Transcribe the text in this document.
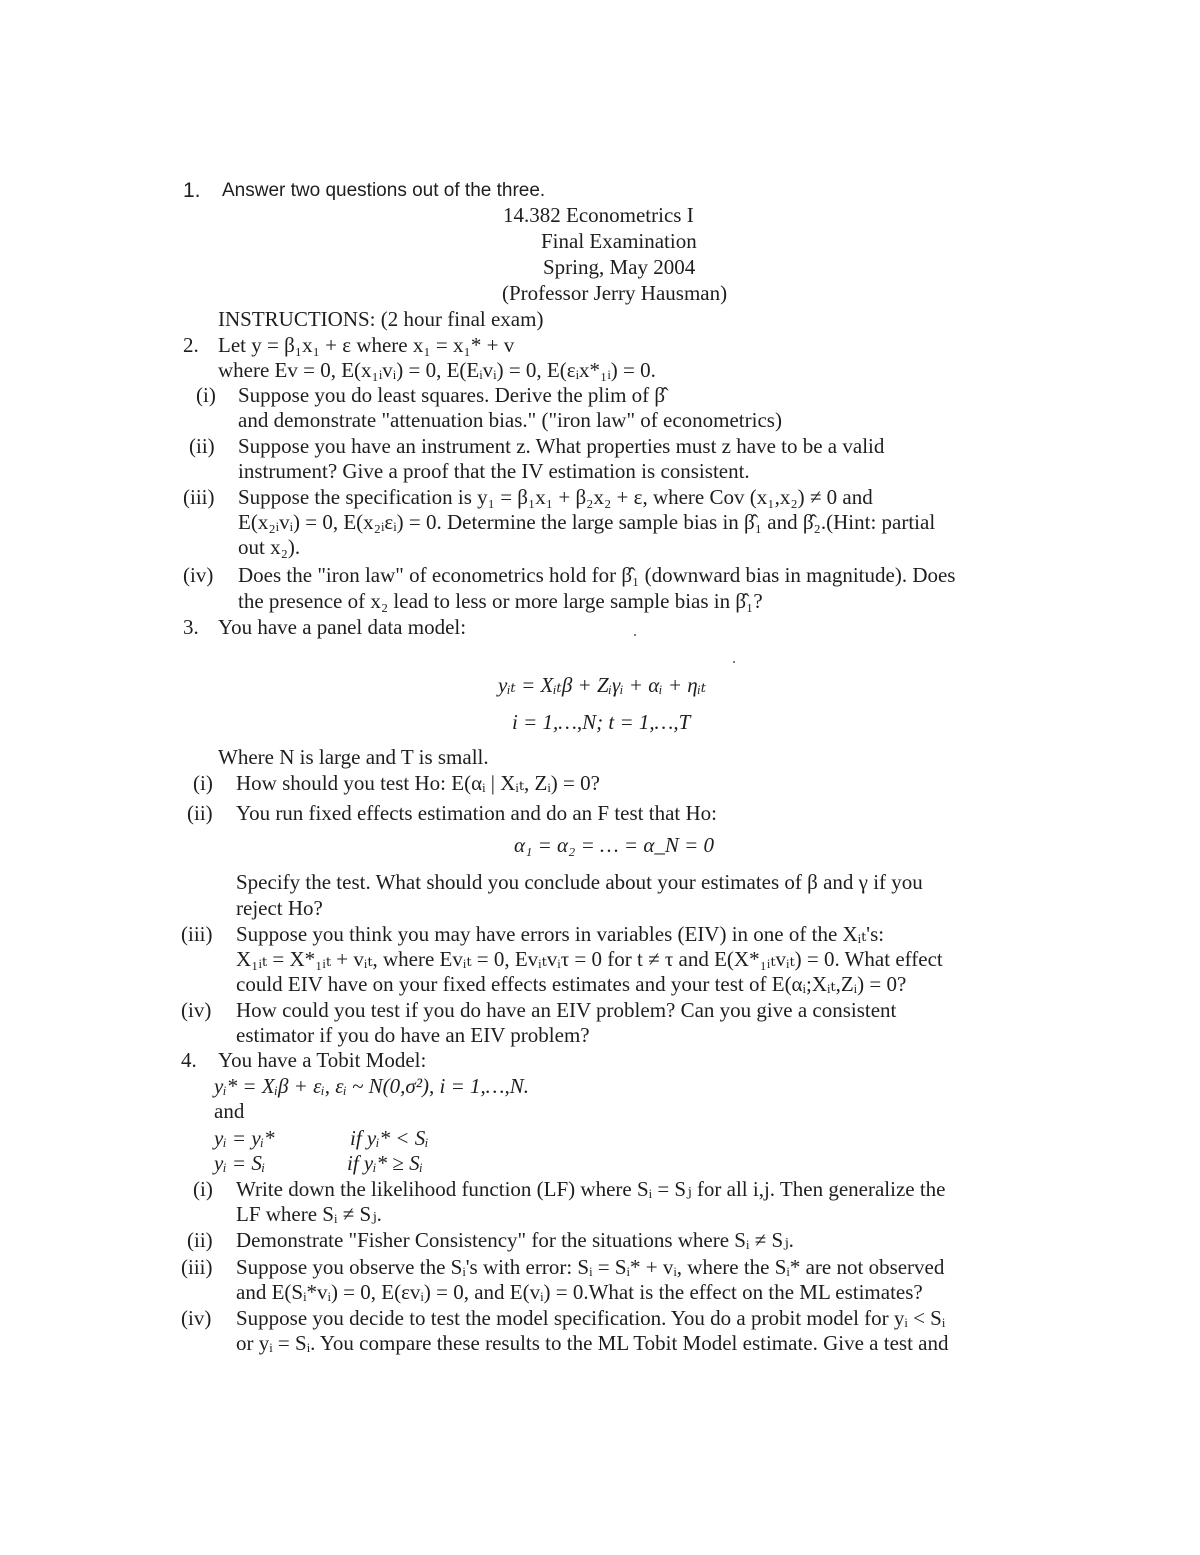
1. Answer two questions out of the three.
14.382 Econometrics I
Final Examination
Spring, May 2004
(Professor Jerry Hausman)
INSTRUCTIONS: (2 hour final exam)
2. Let y = β₁x₁ + ε where x₁ = x₁* + v
where Ev = 0, E(x₁ᵢvᵢ) = 0, E(Eᵢvᵢ) = 0, E(εᵢx*₁ᵢ) = 0.
(i) Suppose you do least squares. Derive the plim of β̂
and demonstrate "attenuation bias." ("iron law" of econometrics)
(ii) Suppose you have an instrument z. What properties must z have to be a valid
instrument? Give a proof that the IV estimation is consistent.
(iii) Suppose the specification is y₁ = β₁x₁ + β₂x₂ + ε, where Cov (x₁,x₂) ≠ 0 and
E(x₂ᵢvᵢ) = 0, E(x₂ᵢεᵢ) = 0. Determine the large sample bias in β̂₁ and β̂₂.(Hint: partial
out x₂).
(iv) Does the "iron law" of econometrics hold for β̂₁ (downward bias in magnitude). Does
the presence of x₂ lead to less or more large sample bias in β̂₁?
3. You have a panel data model:
yᵢₜ = Xᵢₜβ + Zᵢγᵢ + αᵢ + ηᵢₜ
i = 1,…,N; t = 1,…,T
Where N is large and T is small.
(i) How should you test Ho: E(αᵢ | Xᵢₜ, Zᵢ) = 0?
(ii) You run fixed effects estimation and do an F test that Ho:
α₁ = α₂ = … = α_N = 0
Specify the test. What should you conclude about your estimates of β and γ if you
reject Ho?
(iii) Suppose you think you may have errors in variables (EIV) in one of the Xᵢₜ's:
X₁ᵢₜ = X*₁ᵢₜ + vᵢₜ, where Evᵢₜ = 0, Evᵢₜvᵢτ = 0 for t ≠ τ and E(X*₁ᵢₜvᵢₜ) = 0. What effect
could EIV have on your fixed effects estimates and your test of E(αᵢ;Xᵢₜ,Zᵢ) = 0?
(iv) How could you test if you do have an EIV problem? Can you give a consistent
estimator if you do have an EIV problem?
4. You have a Tobit Model:
yᵢ* = Xᵢβ + εᵢ, εᵢ ~ N(0,σ²), i = 1,…,N.
and
yᵢ = yᵢ*	if yᵢ* < Sᵢ
yᵢ = Sᵢ	if yᵢ* ≥ Sᵢ
(i) Write down the likelihood function (LF) where Sᵢ = Sⱼ for all i,j. Then generalize the
LF where Sᵢ ≠ Sⱼ.
(ii) Demonstrate "Fisher Consistency" for the situations where Sᵢ ≠ Sⱼ.
(iii) Suppose you observe the Sᵢ's with error: Sᵢ = Sᵢ* + vᵢ, where the Sᵢ* are not observed
and E(Sᵢ*vᵢ) = 0, E(εvᵢ) = 0, and E(vᵢ) = 0.What is the effect on the ML estimates?
(iv) Suppose you decide to test the model specification. You do a probit model for yᵢ < Sᵢ
or yᵢ = Sᵢ. You compare these results to the ML Tobit Model estimate. Give a test and
